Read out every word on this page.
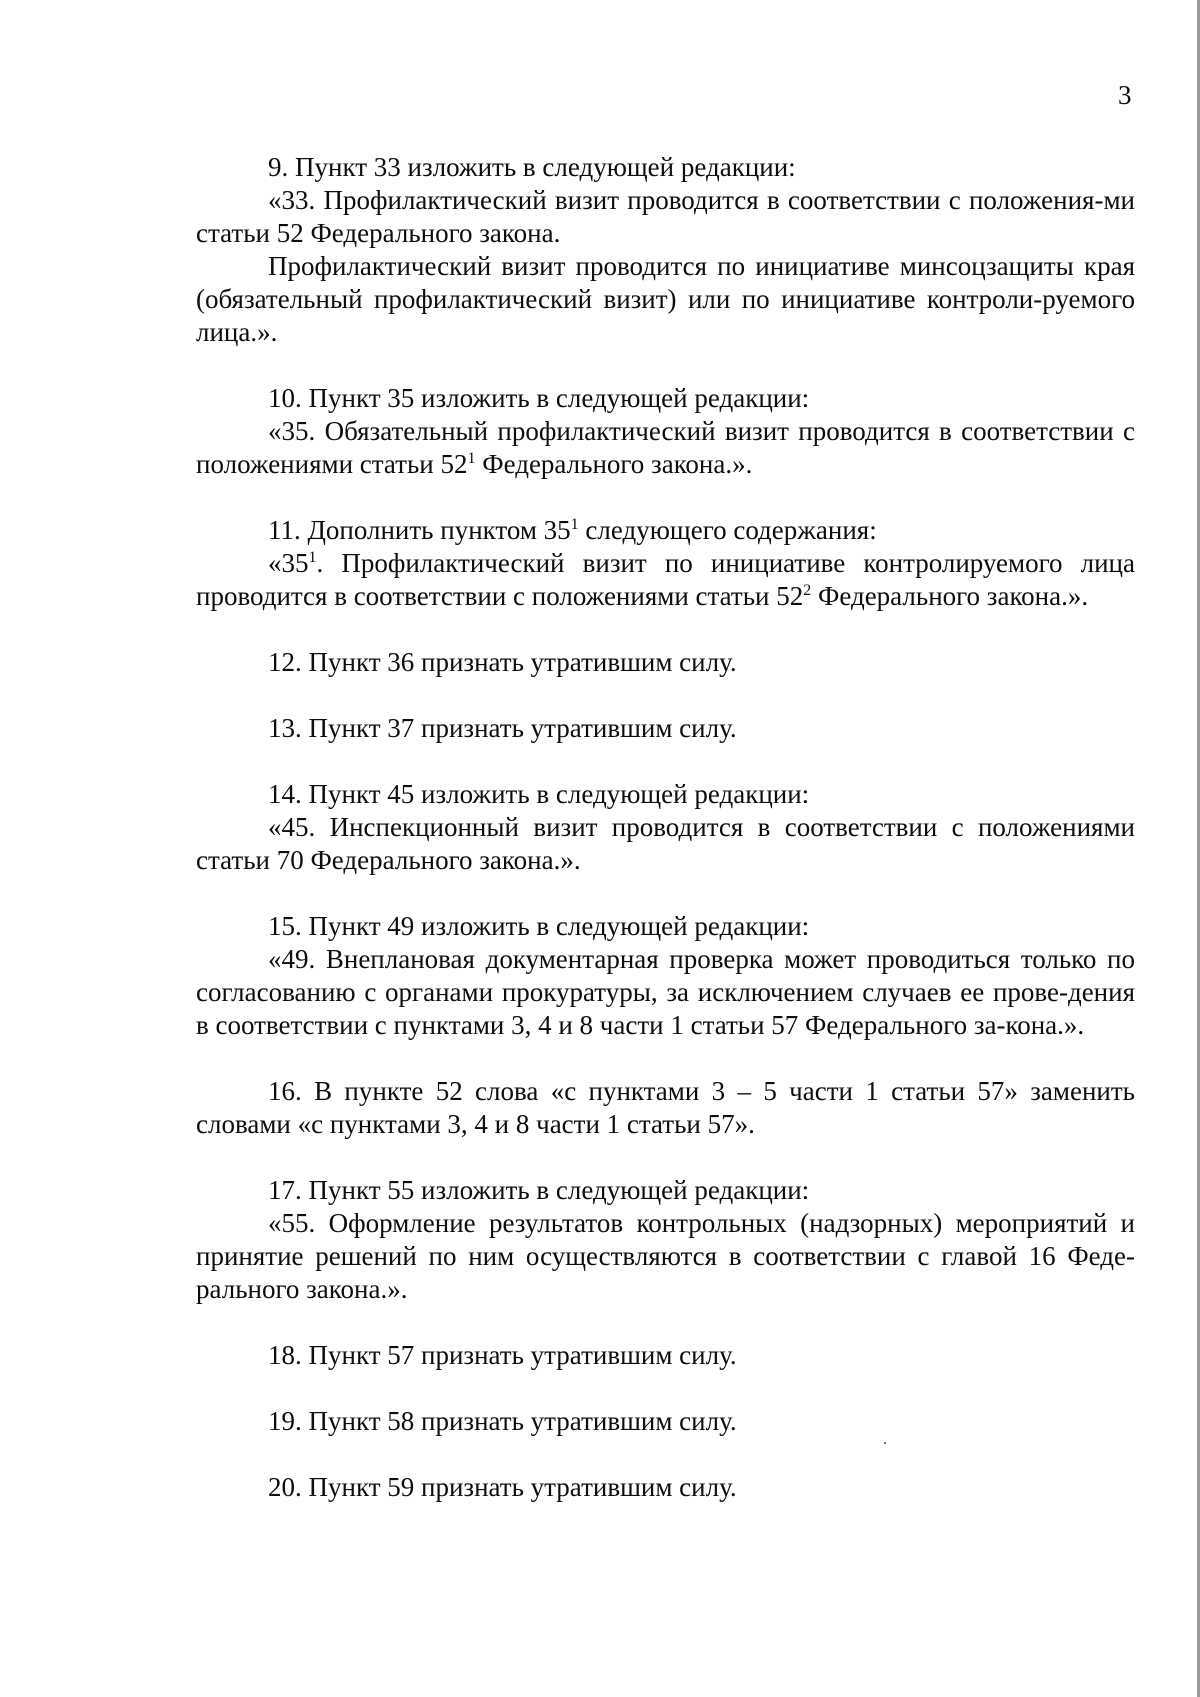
3

9. Пункт 33 изложить в следующей редакции:

«33. Профилактический визит проводится в соответствии с положения-ми статьи 52 Федерального закона.

Профилактический визит проводится по инициативе минсоцзащиты края (обязательный профилактический визит) или по инициативе контроли-руемого лица.».

10. Пункт 35 изложить в следующей редакции:

«35. Обязательный профилактический визит проводится в соответствии с положениями статьи $52^1$ Федерального закона.».

11. Дополнить пунктом $35^1$ следующего содержания:

«$35^1$. Профилактический визит по инициативе контролируемого лица проводится в соответствии с положениями статьи $52^2$ Федерального закона.».

12. Пункт 36 признать утратившим силу.

13. Пункт 37 признать утратившим силу.

14. Пункт 45 изложить в следующей редакции:

«45. Инспекционный визит проводится в соответствии с положениями статьи 70 Федерального закона.».

15. Пункт 49 изложить в следующей редакции:

«49. Внеплановая документарная проверка может проводиться только по согласованию с органами прокуратуры, за исключением случаев ее прове-дения в соответствии с пунктами 3, 4 и 8 части 1 статьи 57 Федерального за-кона.».

16. В пункте 52 слова «с пунктами 3 – 5 части 1 статьи 57» заменить словами «с пунктами 3, 4 и 8 части 1 статьи 57».

17. Пункт 55 изложить в следующей редакции:

«55. Оформление результатов контрольных (надзорных) мероприятий и принятие решений по ним осуществляются в соответствии с главой 16 Феде-рального закона.».

18. Пункт 57 признать утратившим силу.

19. Пункт 58 признать утратившим силу.

20. Пункт 59 признать утратившим силу.
